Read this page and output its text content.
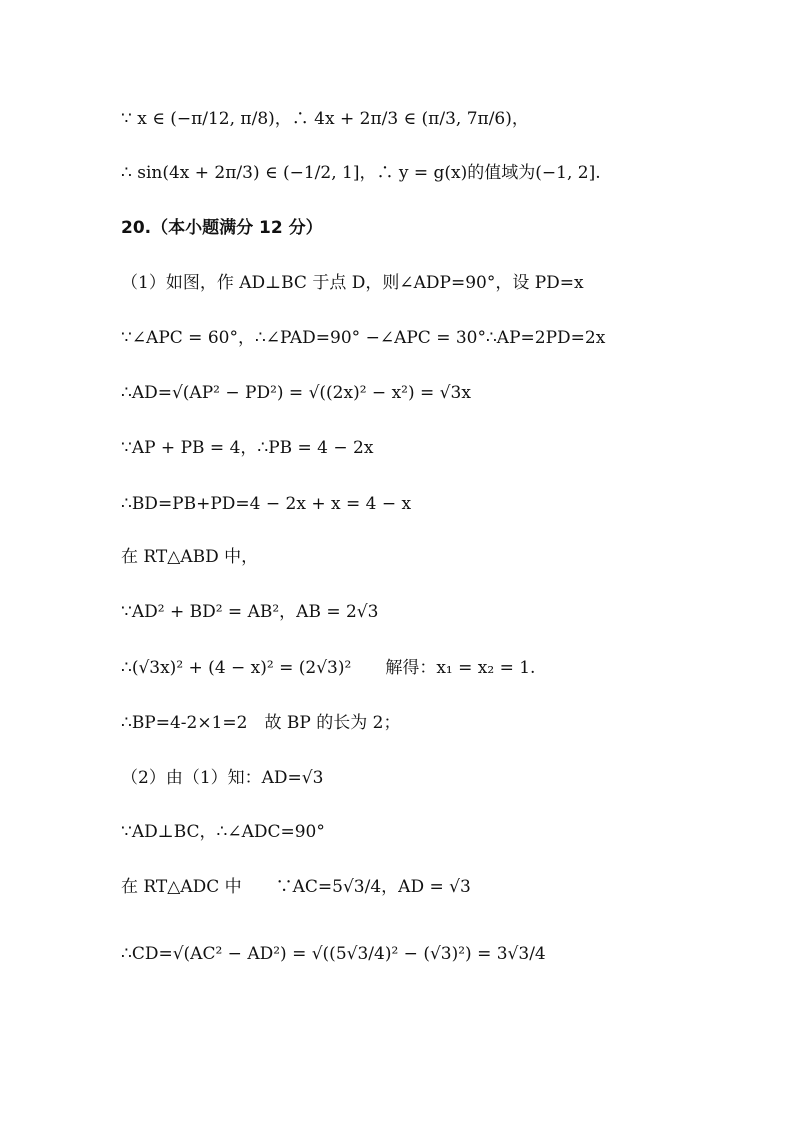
∵ x ∈ (−π/12, π/8)，∴ 4x + 2π/3 ∈ (π/3, 7π/6)，
∴ sin(4x + 2π/3) ∈ (−1/2, 1]，∴ y = g(x)的值域为(−1, 2].
20.（本小题满分 12 分）
（1）如图，作 AD⊥BC 于点 D，则∠ADP=90°，设 PD=x
∵∠APC = 60°，∴∠PAD=90° −∠APC = 30°∴AP=2PD=2x
∴AD=√(AP² − PD²) = √((2x)² − x²) = √3x
∵AP + PB = 4，∴PB = 4 − 2x
∴BD=PB+PD=4 − 2x + x = 4 − x
在 RT△ABD 中，
∵AD² + BD² = AB²，AB = 2√3
∴(√3x)² + (4 − x)² = (2√3)²　　解得：x₁ = x₂ = 1.
∴BP=4-2×1=2　故 BP 的长为 2；
（2）由（1）知：AD=√3
∵AD⊥BC，∴∠ADC=90°
在 RT△ADC 中　　∵AC=5√3/4，AD = √3
∴CD=√(AC² − AD²) = √((5√3/4)² − (√3)²) = 3√3/4
